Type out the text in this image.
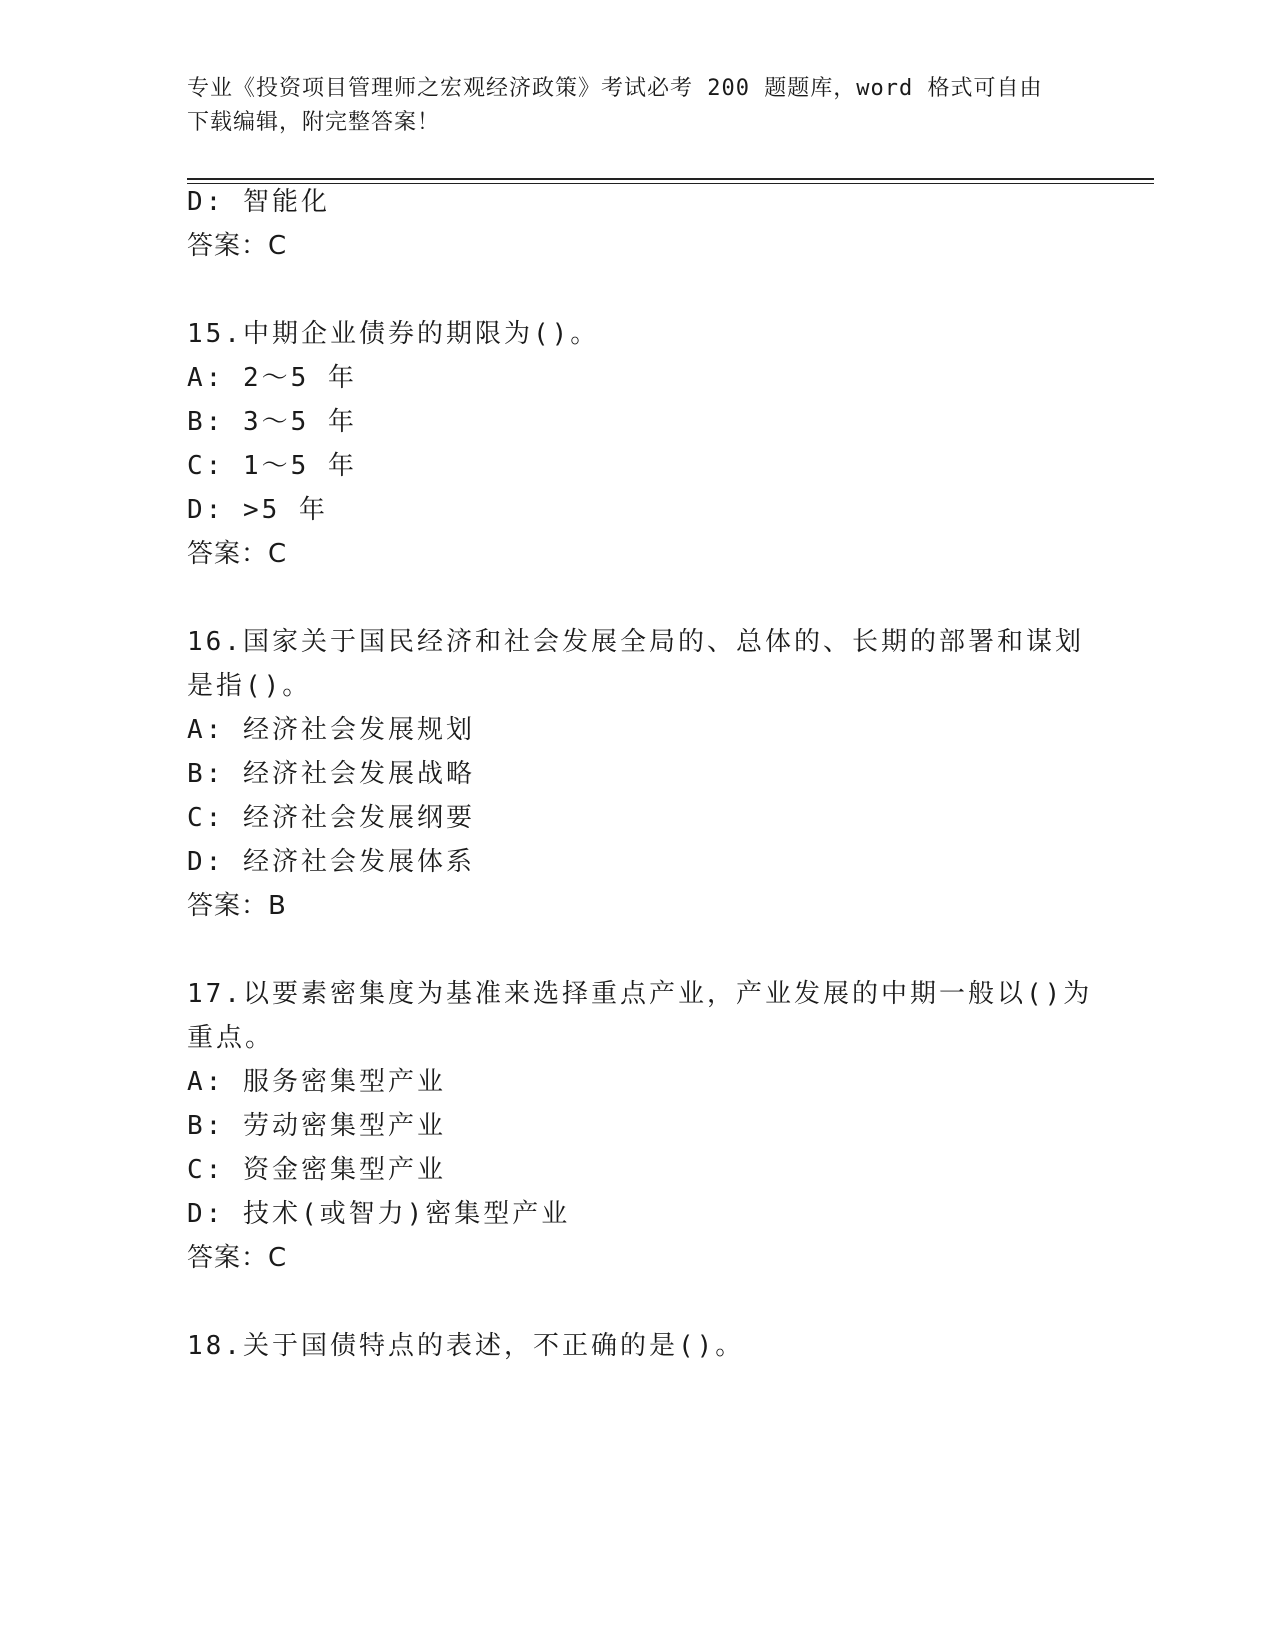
专业《投资项目管理师之宏观经济政策》考试必考 200 题题库，word 格式可自由
下载编辑，附完整答案！
D: 智能化
答案：C
15.中期企业债券的期限为()。
A: 2～5 年
B: 3～5 年
C: 1～5 年
D: >5 年
答案：C
16.国家关于国民经济和社会发展全局的、总体的、长期的部署和谋划
是指()。
A: 经济社会发展规划
B: 经济社会发展战略
C: 经济社会发展纲要
D: 经济社会发展体系
答案：B
17.以要素密集度为基准来选择重点产业，产业发展的中期一般以()为
重点。
A: 服务密集型产业
B: 劳动密集型产业
C: 资金密集型产业
D: 技术(或智力)密集型产业
答案：C
18.关于国债特点的表述，不正确的是()。
